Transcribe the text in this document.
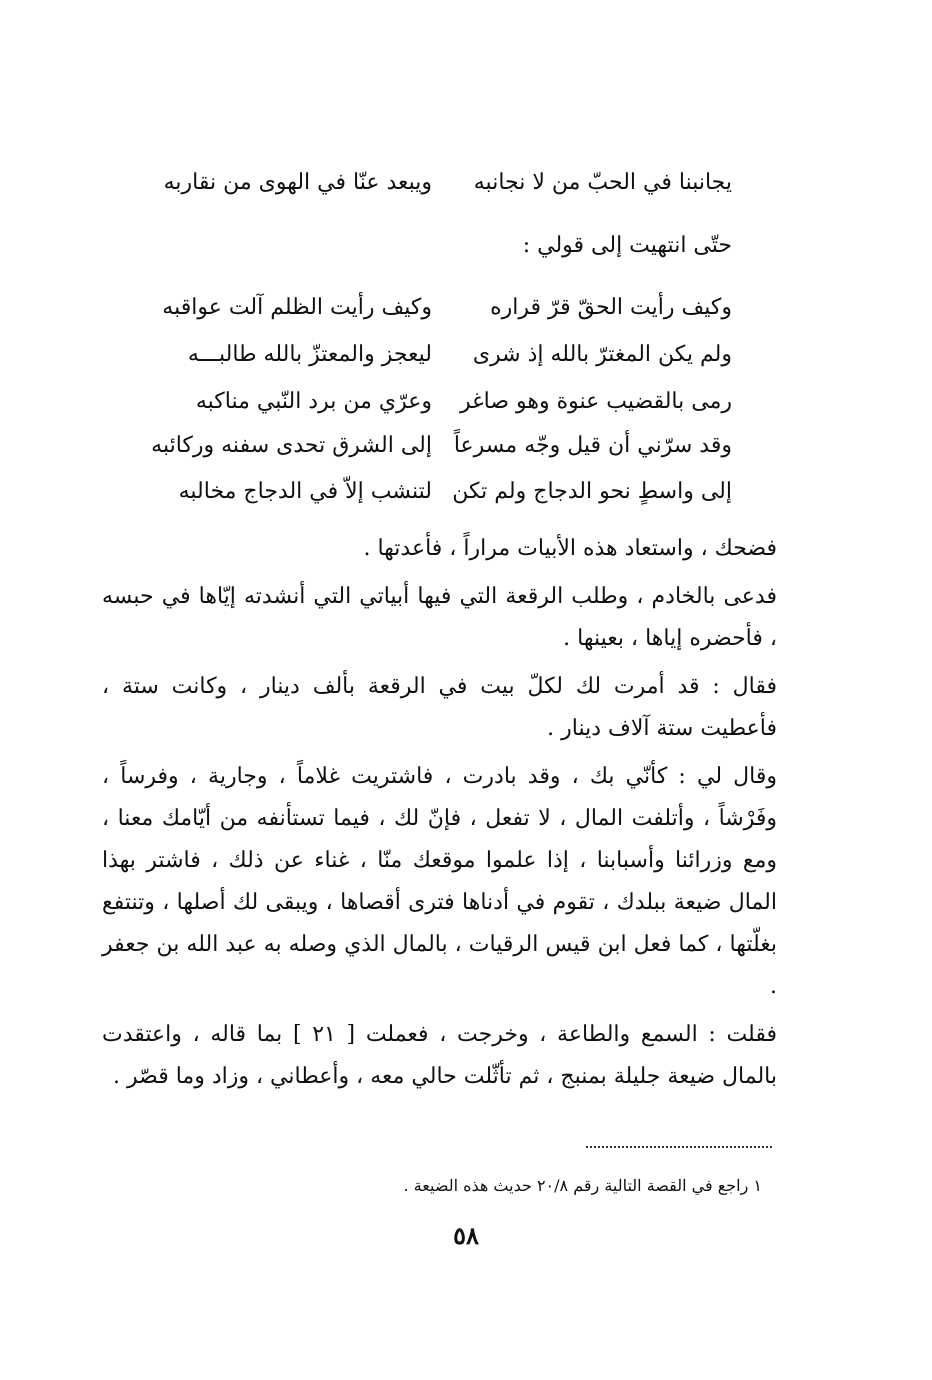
يجانبنا في الحبّ من لا نجانبه
ويبعد عنّا في الهوى من نقاربه
حتّى انتهيت إلى قولي :
وكيف رأيت الحقّ قرّ قراره
وكيف رأيت الظلم آلت عواقبه
ولم يكن المغترّ بالله إذ شرى
ليعجز والمعتزّ بالله طالبـــه
رمى بالقضيب عنوة وهو صاغر
وعرّي من برد النّبي مناكبه
وقد سرّني أن قيل وجّه مسرعاً
إلى الشرق تحدى سفنه وركائبه
إلى واسطٍ نحو الدجاج ولم تكن
لتنشب إلاّ في الدجاج مخالبه

فضحك ، واستعاد هذه الأبيات مراراً ، فأعدتها .

فدعى بالخادم ، وطلب الرقعة التي فيها أبياتي التي أنشدته إيّاها في حبسه ، فأحضره إياها ، بعينها .

فقال : قد أمرت لك لكلّ بيت في الرقعة بألف دينار ، وكانت ستة ، فأعطيت ستة آلاف دينار .

وقال لي : كأنّي بك ، وقد بادرت ، فاشتريت غلاماً ، وجارية ، وفرساً ، وفَرْشاً ، وأتلفت المال ، لا تفعل ، فإنّ لك ، فيما تستأنفه من أيّامك معنا ، ومع وزرائنا وأسبابنا ، إذا علموا موقعك منّا ، غناء عن ذلك ، فاشتر بهذا المال ضيعة ببلدك ، تقوم في أدناها فترى أقصاها ، ويبقى لك أصلها ، وتنتفع بغلّتها ، كما فعل ابن قيس الرقيات ، بالمال الذي وصله به عبد الله بن جعفر .

فقلت : السمع والطاعة ، وخرجت ، فعملت [ ٢١ ] بما قاله ، واعتقدت بالمال ضيعة جليلة بمنبج ، ثم تأثّلت حالي معه ، وأعطاني ، وزاد وما قصّر .

١ راجع في القصة التالية رقم ٢٠/٨ حديث هذه الضيعة .
٥٨
